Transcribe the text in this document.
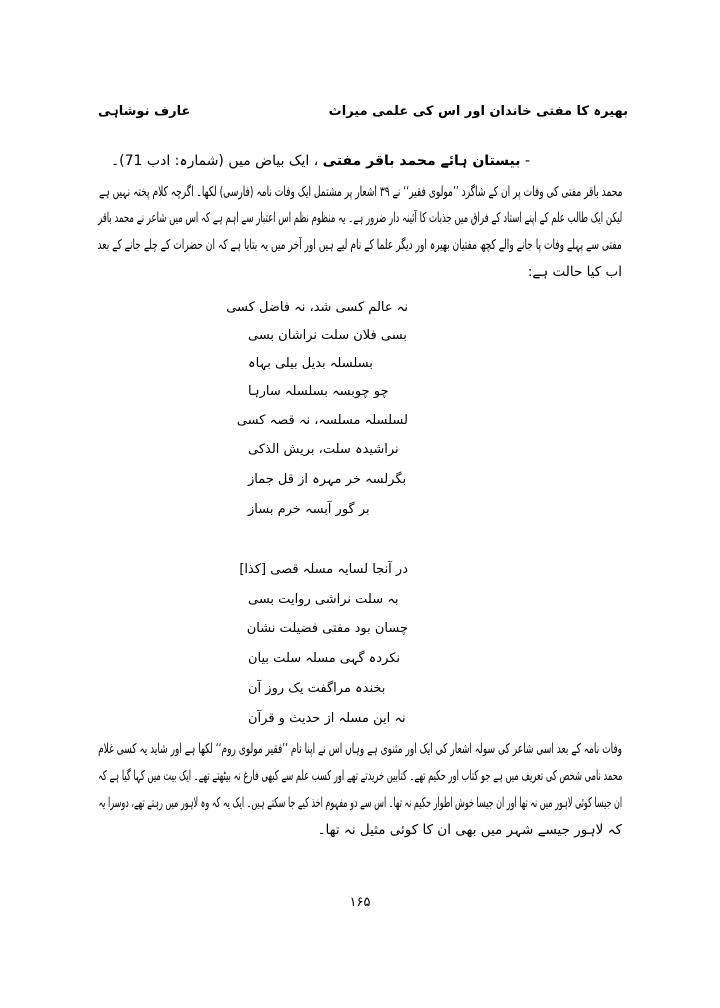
بھیرہ کا مفتی خاندان اور اس کی علمی میراث
عارف نوشاہی
- بیستان ہائے محمد باقر مفتی ، ایک بیاض میں (شمارہ: ادب 71)۔
محمد باقر مفتی کی وفات پر ان کے شاگرد ’’مولوی فقیر‘‘ نے ۳۹ اشعار پر مشتمل ایک وفات نامہ (فارسی) لکھا۔ اگرچہ کلام پختہ نہیں ہے
لیکن ایک طالب علم کے اپنے استاد کے فراق میں جذبات کا آئینہ دار ضرور ہے۔ یہ منظوم نظم اس اعتبار سے اہم ہے کہ اس میں شاعر نے محمد باقر
مفتی سے پہلے وفات پا جانے والے کچھ مفتیان بھیرہ اور دیگر علما کے نام لیے ہیں اور آخر میں یہ بتایا ہے کہ ان حضرات کے چلے جانے کے بعد
اب کیا حالت ہے:
نہ عالم کسی شد، نہ فاضل کسی
بسی فلان سلت نراشان بسی
بسلسلہ بدیل بیلی بہاہ
چو چوبسہ بسلسلہ سارہا
لسلسلہ مسلسہ، نہ قصہ کسی
نراشیدہ سلت، بریش الذکی
بگرلسہ خر مہرہ از قل جماز
بر گور آبسہ خرم بساز
در آنجا لسایہ مسلہ قصی [کذا]
بہ سلت نراشی روایت بسی
چسان بود مفتی فضیلت نشان
نکردہ گہی مسلہ سلت بیان
بخندہ مراگفت یک روز آن
نہ این مسلہ از حدیث و قرآن
وفات نامہ کے بعد اسی شاعر کی سولہ اشعار کی ایک اور مثنوی ہے وہاں اس نے اپنا نام ’’فقیر مولوی روم‘‘ لکھا ہے اور شاید یہ کسی غلام
محمد نامی شخص کی تعریف میں ہے جو کتاب اور حکیم تھے۔ کتابیں خریدتے تھے اور کسب علم سے کبھی فارغ نہ بیٹھتے تھے۔ ایک بیت میں کہا گیا ہے کہ
ان جیسا کوئی لاہور میں نہ تھا اور ان جیسا خوش اطوار حکیم نہ تھا۔ اس سے دو مفہوم اخذ کیے جا سکتے ہیں۔ ایک یہ کہ وہ لاہور میں رہتے تھے، دوسرا یہ
کہ لاہور جیسے شہر میں بھی ان کا کوئی مثیل نہ تھا۔
۱۶۵
